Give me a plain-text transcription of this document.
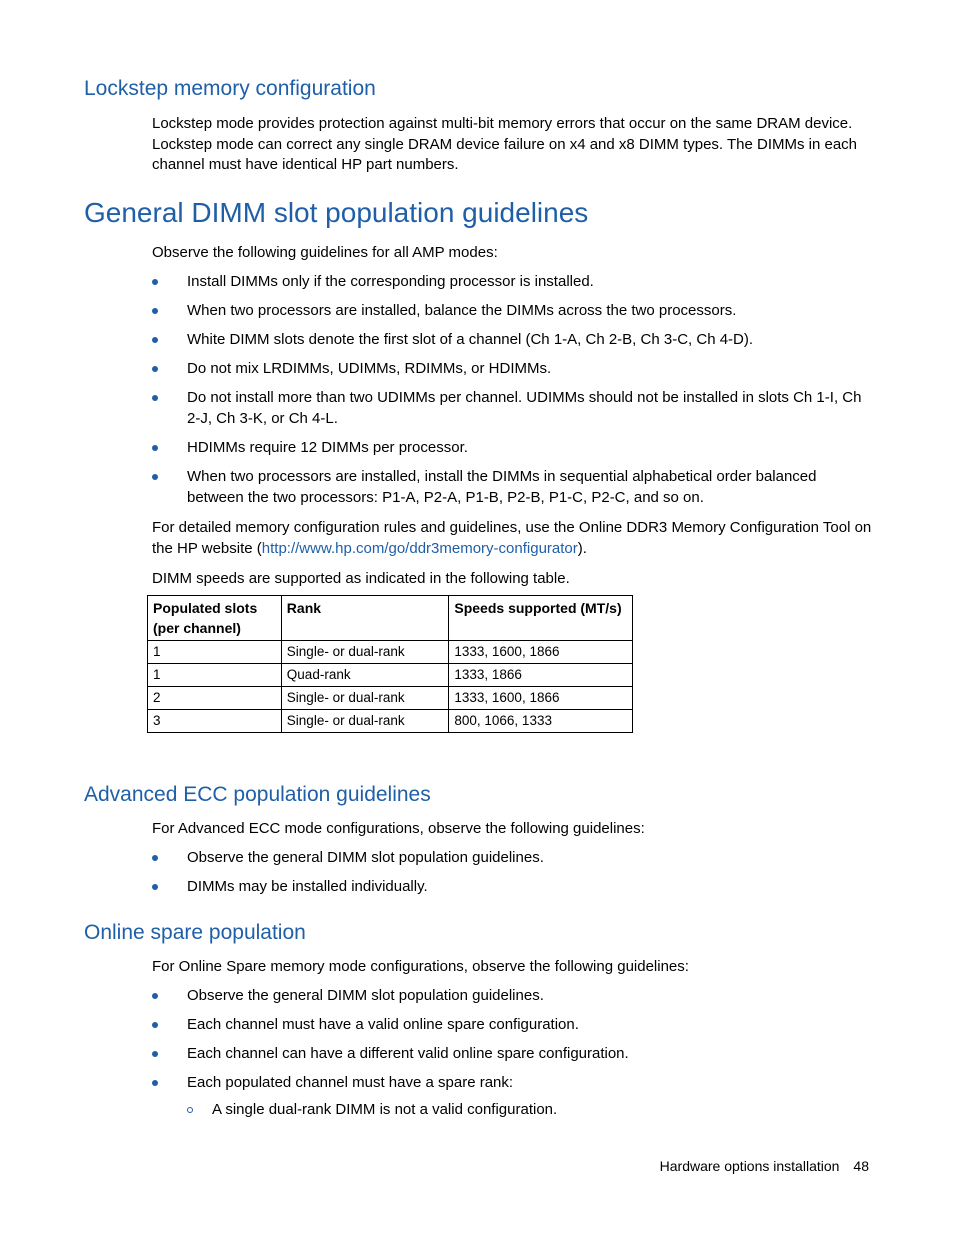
Lockstep memory configuration

Lockstep mode provides protection against multi-bit memory errors that occur on the same DRAM device. Lockstep mode can correct any single DRAM device failure on x4 and x8 DIMM types. The DIMMs in each channel must have identical HP part numbers.

General DIMM slot population guidelines

Observe the following guidelines for all AMP modes:

Install DIMMs only if the corresponding processor is installed.
When two processors are installed, balance the DIMMs across the two processors.
White DIMM slots denote the first slot of a channel (Ch 1-A, Ch 2-B, Ch 3-C, Ch 4-D).
Do not mix LRDIMMs, UDIMMs, RDIMMs, or HDIMMs.
Do not install more than two UDIMMs per channel. UDIMMs should not be installed in slots Ch 1-I, Ch 2-J, Ch 3-K, or Ch 4-L.
HDIMMs require 12 DIMMs per processor.
When two processors are installed, install the DIMMs in sequential alphabetical order balanced between the two processors: P1-A, P2-A, P1-B, P2-B, P1-C, P2-C, and so on.

For detailed memory configuration rules and guidelines, use the Online DDR3 Memory Configuration Tool on the HP website (http://www.hp.com/go/ddr3memory-configurator).

DIMM speeds are supported as indicated in the following table.

Populated slots (per channel)	Rank	Speeds supported (MT/s)
1	Single- or dual-rank	1333, 1600, 1866
1	Quad-rank	1333, 1866
2	Single- or dual-rank	1333, 1600, 1866
3	Single- or dual-rank	800, 1066, 1333
Advanced ECC population guidelines

For Advanced ECC mode configurations, observe the following guidelines:

Observe the general DIMM slot population guidelines.
DIMMs may be installed individually.
Online spare population

For Online Spare memory mode configurations, observe the following guidelines:

Observe the general DIMM slot population guidelines.
Each channel must have a valid online spare configuration.
Each channel can have a different valid online spare configuration.
Each populated channel must have a spare rank:
A single dual-rank DIMM is not a valid configuration.
Hardware options installation 48
